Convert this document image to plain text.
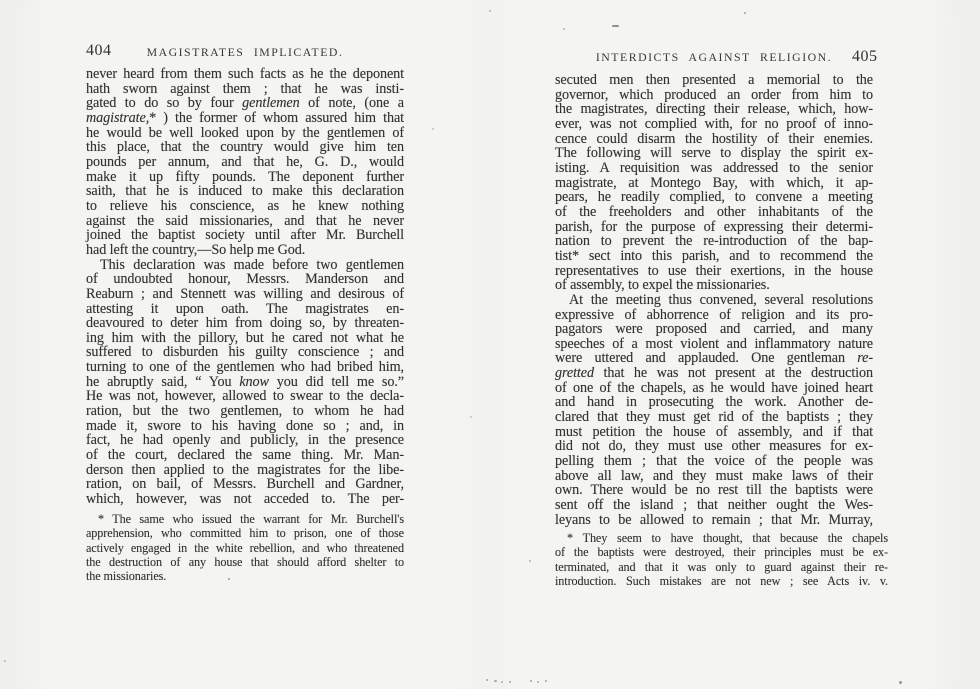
404	MAGISTRATES IMPLICATED.
never heard from them such facts as he the deponent
hath sworn against them ; that he was insti-
gated to do so by four gentlemen of note, (one a
magistrate,* ) the former of whom assured him that
he would be well looked upon by the gentlemen of
this place, that the country would give him ten
pounds per annum, and that he, G. D., would
make it up fifty pounds. The deponent further
saith, that he is induced to make this declaration
to relieve his conscience, as he knew nothing
against the said missionaries, and that he never
joined the baptist society until after Mr. Burchell
had left the country,—So help me God.
This declaration was made before two gentlemen
of undoubted honour, Messrs. Manderson and
Reaburn ; and Stennett was willing and desirous of
attesting it upon oath. The magistrates en-
deavoured to deter him from doing so, by threaten-
ing him with the pillory, but he cared not what he
suffered to disburden his guilty conscience ; and
turning to one of the gentlemen who had bribed him,
he abruptly said, “ You know you did tell me so.”
He was not, however, allowed to swear to the decla-
ration, but the two gentlemen, to whom he had
made it, swore to his having done so ; and, in
fact, he had openly and publicly, in the presence
of the court, declared the same thing. Mr. Man-
derson then applied to the magistrates for the libe-
ration, on bail, of Messrs. Burchell and Gardner,
which, however, was not acceded to. The per-
* The same who issued the warrant for Mr. Burchell's
apprehension, who committed him to prison, one of those
actively engaged in the white rebellion, and who threatened
the destruction of any house that should afford shelter to
the missionaries.
INTERDICTS AGAINST RELIGION.	405
secuted men then presented a memorial to the
governor, which produced an order from him to
the magistrates, directing their release, which, how-
ever, was not complied with, for no proof of inno-
cence could disarm the hostility of their enemies.
The following will serve to display the spirit ex-
isting. A requisition was addressed to the senior
magistrate, at Montego Bay, with which, it ap-
pears, he readily complied, to convene a meeting
of the freeholders and other inhabitants of the
parish, for the purpose of expressing their determi-
nation to prevent the re-introduction of the bap-
tist* sect into this parish, and to recommend the
representatives to use their exertions, in the house
of assembly, to expel the missionaries.
At the meeting thus convened, several resolutions
expressive of abhorrence of religion and its pro-
pagators were proposed and carried, and many
speeches of a most violent and inflammatory nature
were uttered and applauded. One gentleman re-
gretted that he was not present at the destruction
of one of the chapels, as he would have joined heart
and hand in prosecuting the work. Another de-
clared that they must get rid of the baptists ; they
must petition the house of assembly, and if that
did not do, they must use other measures for ex-
pelling them ; that the voice of the people was
above all law, and they must make laws of their
own. There would be no rest till the baptists were
sent off the island ; that neither ought the Wes-
leyans to be allowed to remain ; that Mr. Murray,
* They seem to have thought, that because the chapels
of the baptists were destroyed, their principles must be ex-
terminated, and that it was only to guard against their re-
introduction. Such mistakes are not new ; see Acts iv. v.
